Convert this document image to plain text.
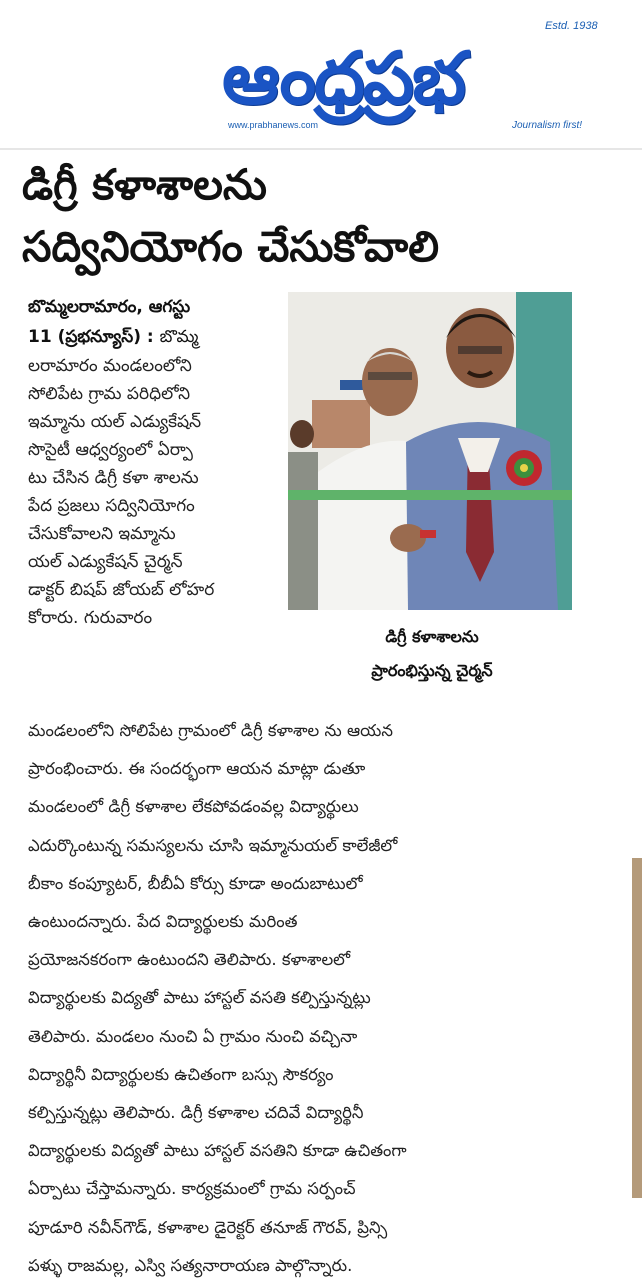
Estd. 1938
ఆంధ్రప్రభ
www.prabhanews.com	Journalism first!
డిగ్రీ కళాశాలను
సద్వినియోగం చేసుకోవాలి
బొమ్మలరామారం, ఆగస్టు
11 (ప్రభన్యూస్) : బొమ్మ
లరామారం మండలంలోని
సోలిపేట గ్రామ పరిధిలోని
ఇమ్మాను యల్ ఎడ్యుకేషన్
సొసైటీ ఆధ్వర్యంలో ఏర్పా
టు చేసిన డిగ్రీ కళా శాలను
పేద ప్రజలు సద్వినియోగం
చేసుకోవాలని ఇమ్మాను
యల్ ఎడ్యుకేషన్ చైర్మన్
డాక్టర్ బిషప్ జోయబ్ లోహర
కోరారు. గురువారం
డిగ్రీ కళాశాలను
ప్రారంభిస్తున్న చైర్మన్
మండలంలోని సోలిపేట గ్రామంలో డిగ్రీ కళాశాల ను ఆయన
ప్రారంభించారు. ఈ సందర్భంగా ఆయన మాట్లా డుతూ
మండలంలో డిగ్రీ కళాశాల లేకపోవడంవల్ల విద్యార్థులు
ఎదుర్కొంటున్న సమస్యలను చూసి ఇమ్మానుయల్ కాలేజీలో
బీకాం కంప్యూటర్, బీబీఏ కోర్సు కూడా అందుబాటులో
ఉంటుందన్నారు. పేద విద్యార్థులకు మరింత
ప్రయోజనకరంగా ఉంటుందని తెలిపారు. కళాశాలలో
విద్యార్థులకు విద్యతో పాటు హాస్టల్ వసతి కల్పిస్తున్నట్లు
తెలిపారు. మండలం నుంచి ఏ గ్రామం నుంచి వచ్చినా
విద్యార్థినీ విద్యార్థులకు ఉచితంగా బస్సు సౌకర్యం
కల్పిస్తున్నట్లు తెలిపారు. డిగ్రీ కళాశాల చదివే విద్యార్థినీ
విద్యార్థులకు విద్యతో పాటు హాస్టల్ వసతిని కూడా ఉచితంగా
ఏర్పాటు చేస్తామన్నారు. కార్యక్రమంలో గ్రామ సర్పంచ్
పూడూరి నవీన్‌గౌడ్, కళాశాల డైరెక్టర్ తనూజ్ గౌరవ్, ప్రిన్సి
పళ్ళు రాజమల్ల, ఎస్వి సత్యనారాయణ పాల్గొన్నారు.
